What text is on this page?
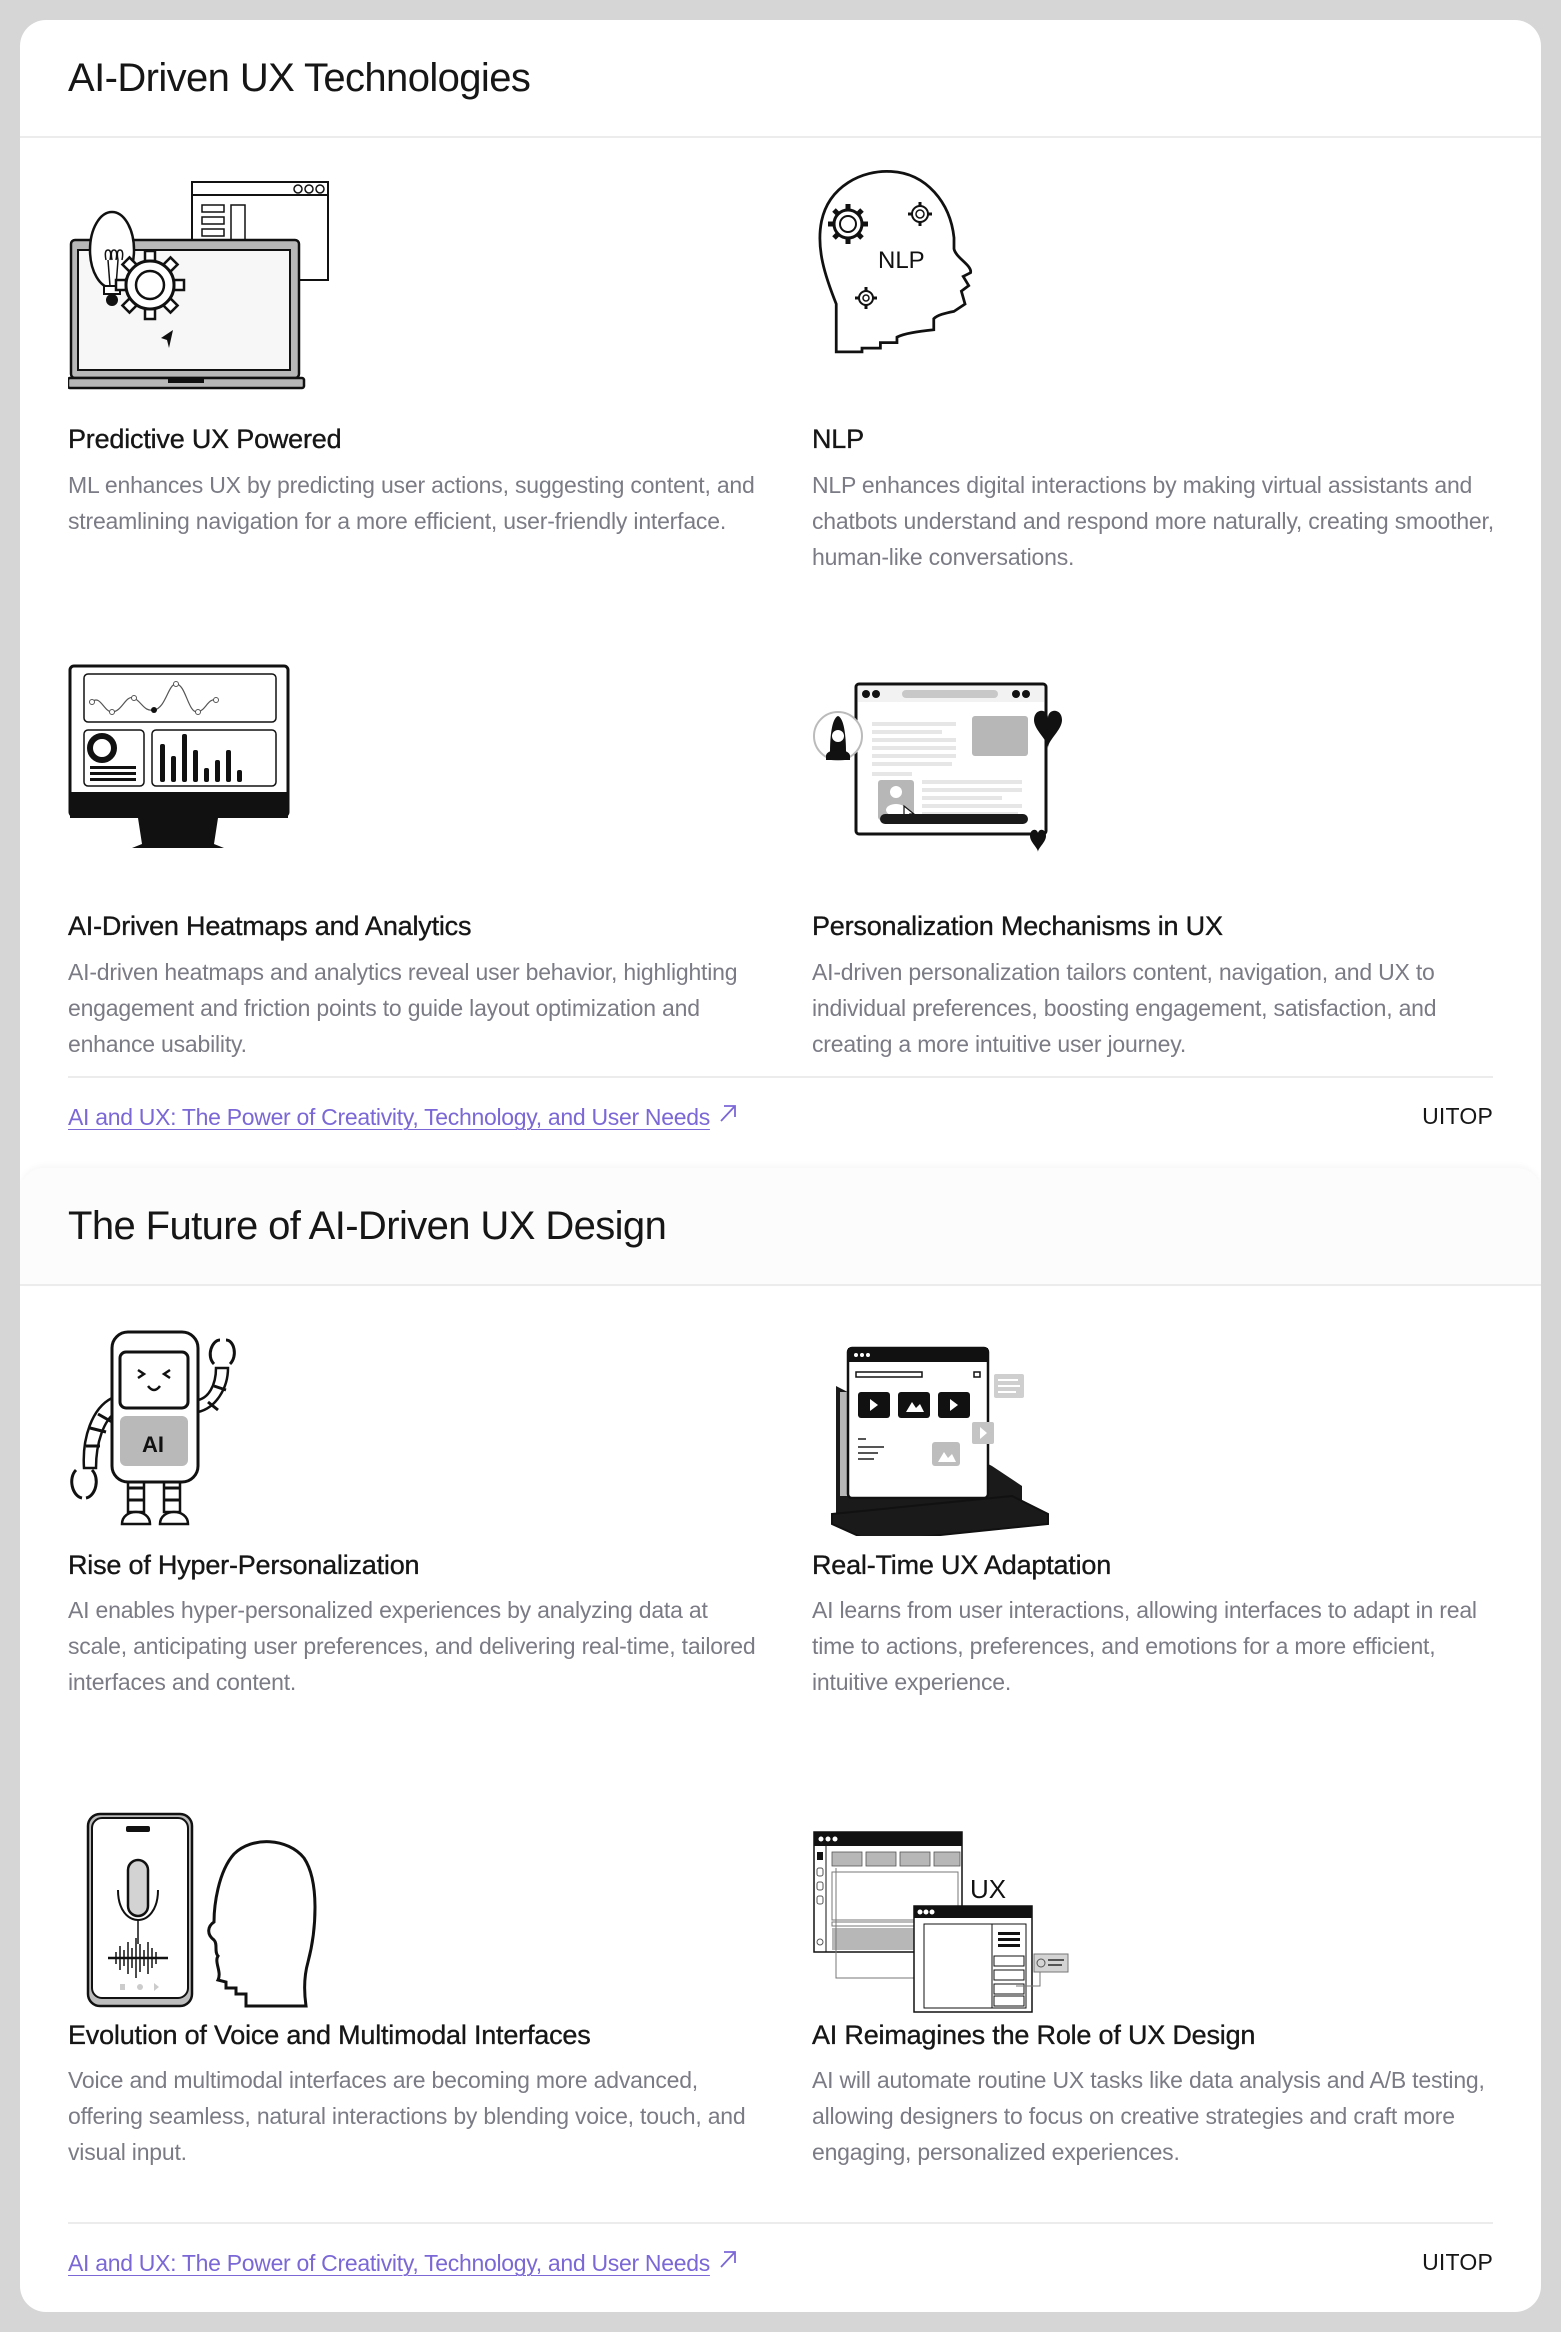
AI-Driven UX Technologies
Predictive UX Powered

ML enhances UX by predicting user actions, suggesting content, and streamlining navigation for a more efficient, user-friendly interface.

NLP
NLP

NLP enhances digital interactions by making virtual assistants and chatbots understand and respond more naturally, creating smoother, human-like conversations.

AI-Driven Heatmaps and Analytics

AI-driven heatmaps and analytics reveal user behavior, highlighting engagement and friction points to guide layout optimization and enhance usability.

Personalization Mechanisms in UX

AI-driven personalization tailors content, navigation, and UX to individual preferences, boosting engagement, satisfaction, and creating a more intuitive user journey.

AI and UX: The Power of Creativity, Technology, and User Needs	UITOP
The Future of AI-Driven UX Design
AI
Rise of Hyper-Personalization

AI enables hyper-personalized experiences by analyzing data at scale, anticipating user preferences, and delivering real-time, tailored interfaces and content.

Real-Time UX Adaptation

AI learns from user interactions, allowing interfaces to adapt in real time to actions, preferences, and emotions for a more efficient, intuitive experience.

Evolution of Voice and Multimodal Interfaces

Voice and multimodal interfaces are becoming more advanced, offering seamless, natural interactions by blending voice, touch, and visual input.

UX
AI Reimagines the Role of UX Design

AI will automate routine UX tasks like data analysis and A/B testing, allowing designers to focus on creative strategies and craft more engaging, personalized experiences.

AI and UX: The Power of Creativity, Technology, and User Needs	UITOP
